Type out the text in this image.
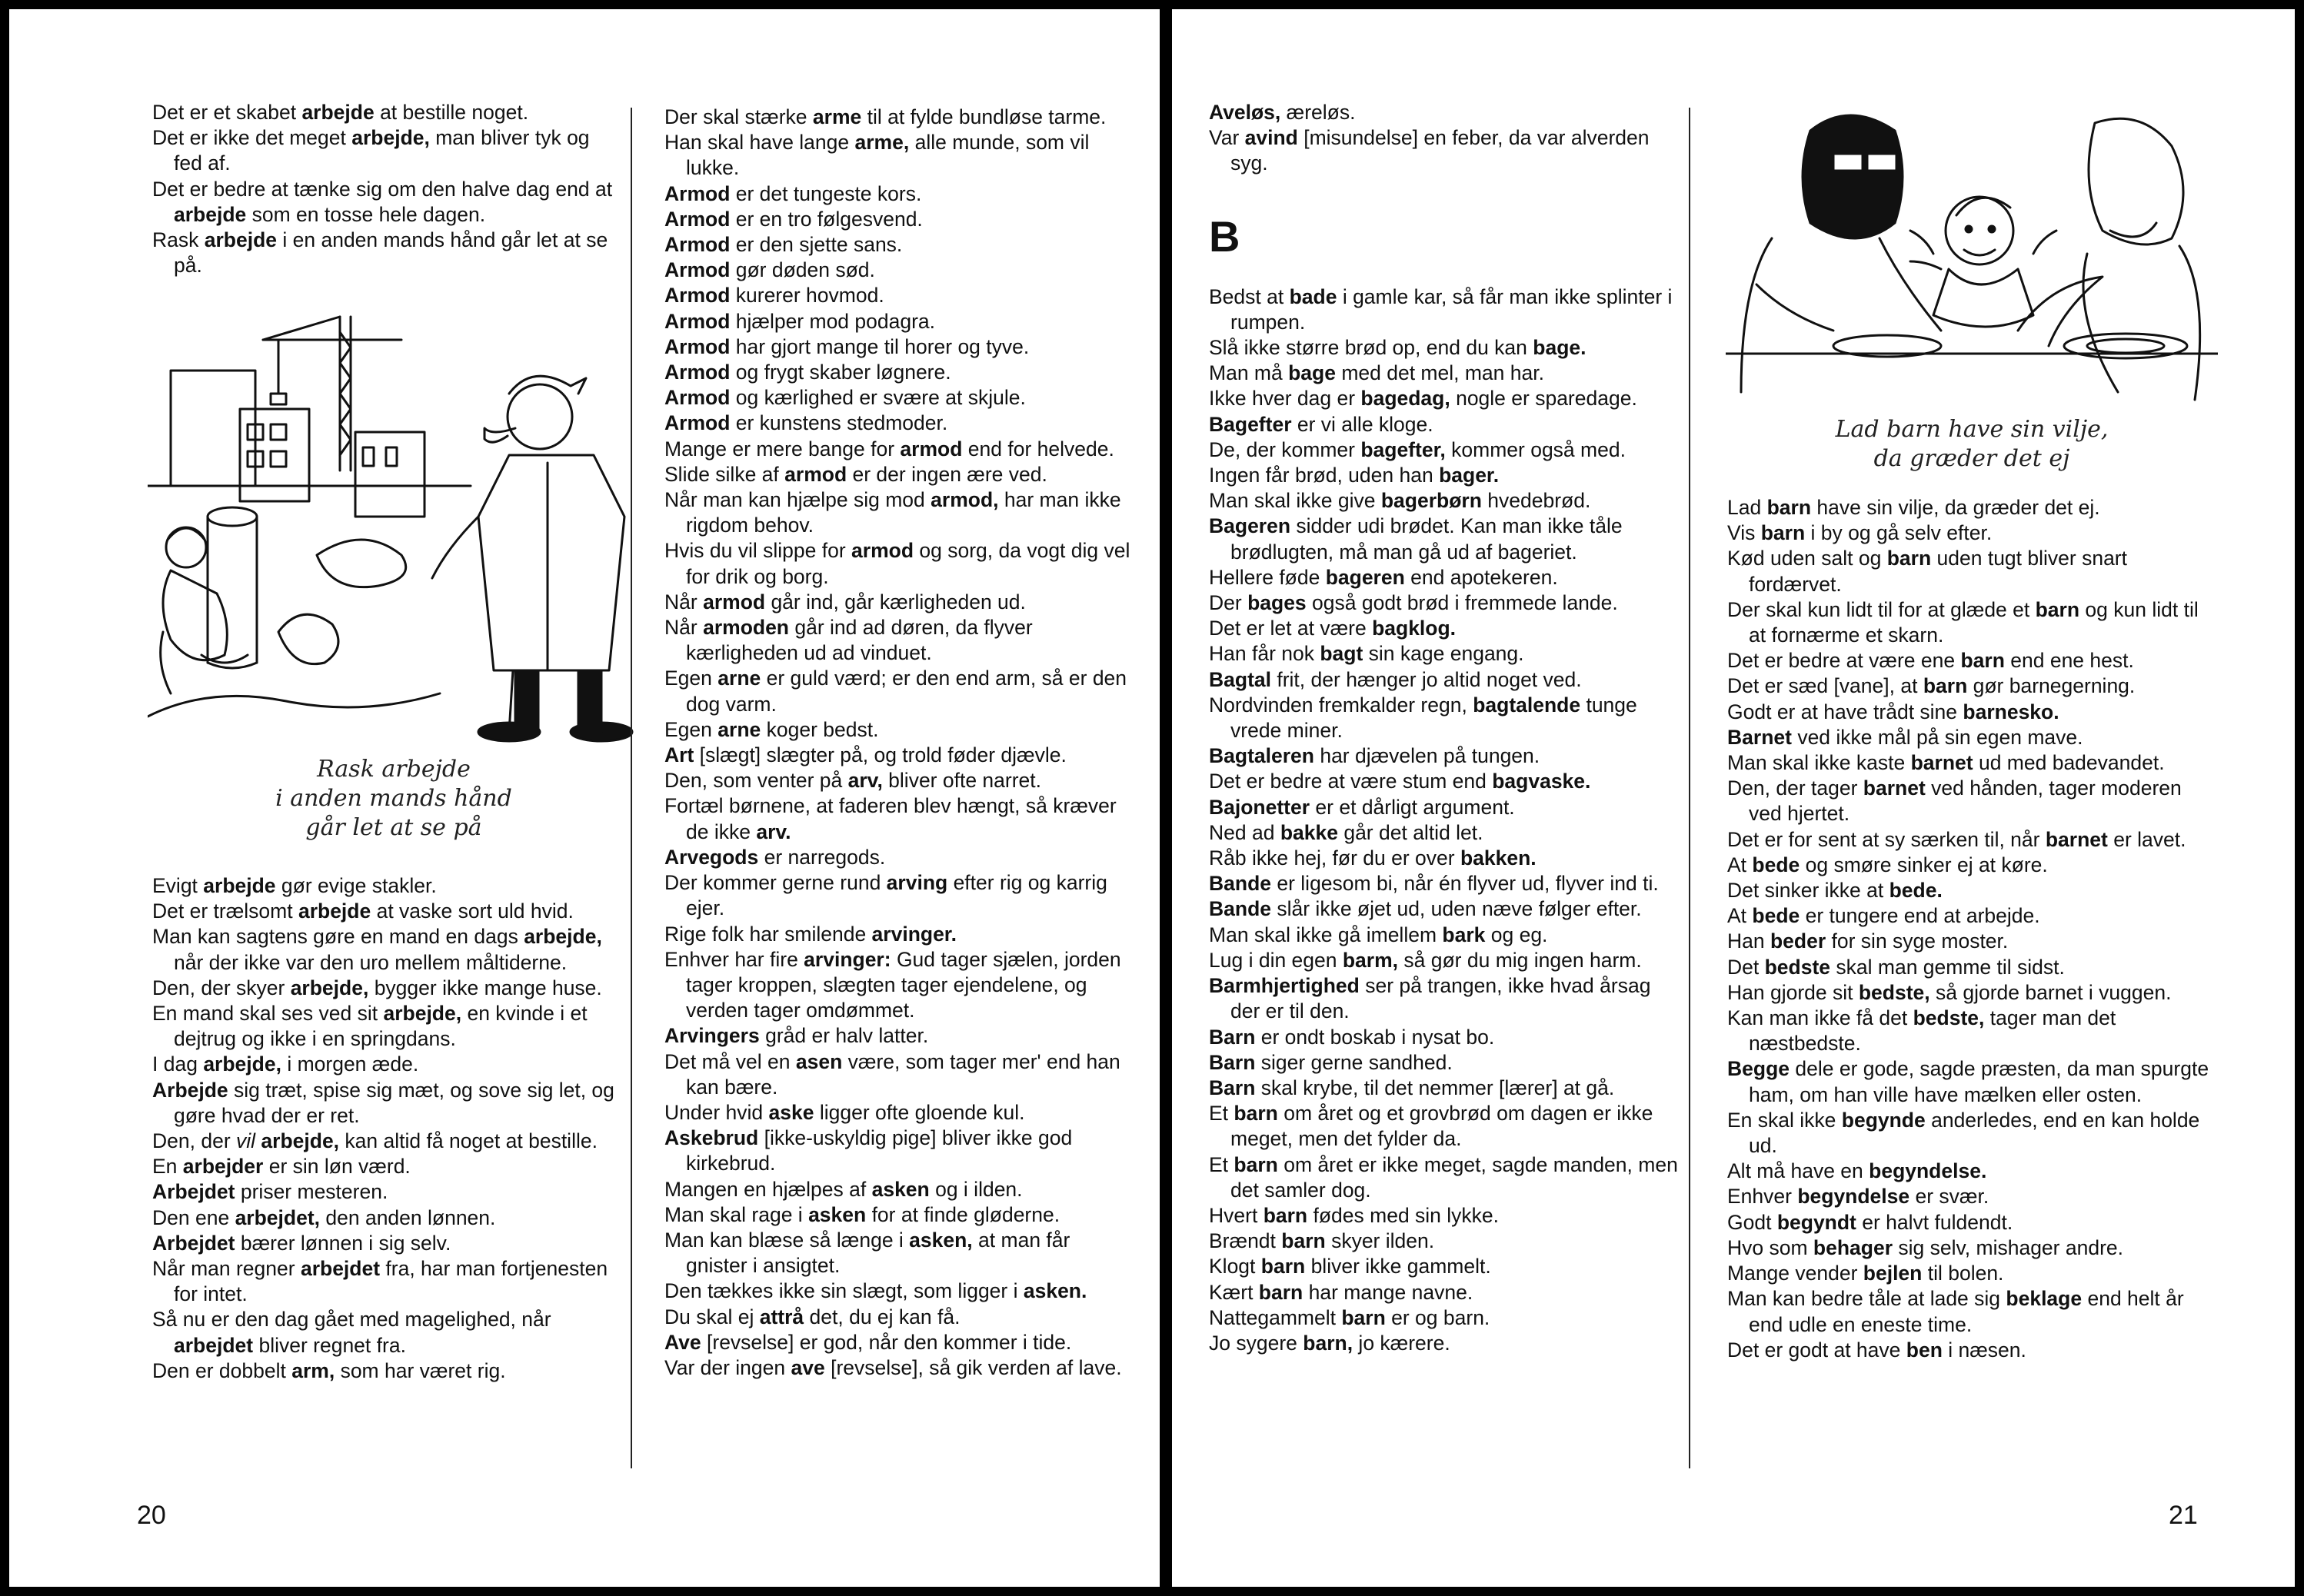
Det er et skabet arbejde at bestille noget.

Det er ikke det meget arbejde, man bliver tyk og fed af.

Det er bedre at tænke sig om den halve dag end at arbejde som en tosse hele dagen.

Rask arbejde i en anden mands hånd går let at se på.

Rask arbejde
i anden mands hånd
går let at se på

Evigt arbejde gør evige stakler.

Det er trælsomt arbejde at vaske sort uld hvid.

Man kan sagtens gøre en mand en dags arbejde, når der ikke var den uro mellem måltiderne.

Den, der skyer arbejde, bygger ikke mange huse.

En mand skal ses ved sit arbejde, en kvinde i et dejtrug og ikke i en springdans.

I dag arbejde, i morgen æde.

Arbejde sig træt, spise sig mæt, og sove sig let, og gøre hvad der er ret.

Den, der vil arbejde, kan altid få noget at bestille.

En arbejder er sin løn værd.

Arbejdet priser mesteren.

Den ene arbejdet, den anden lønnen.

Arbejdet bærer lønnen i sig selv.

Når man regner arbejdet fra, har man fortjenesten for intet.

Så nu er den dag gået med magelighed, når arbejdet bliver regnet fra.

Den er dobbelt arm, som har været rig.

Der skal stærke arme til at fylde bundløse tarme.

Han skal have lange arme, alle munde, som vil lukke.

Armod er det tungeste kors.

Armod er en tro følgesvend.

Armod er den sjette sans.

Armod gør døden sød.

Armod kurerer hovmod.

Armod hjælper mod podagra.

Armod har gjort mange til horer og tyve.

Armod og frygt skaber løgnere.

Armod og kærlighed er svære at skjule.

Armod er kunstens stedmoder.

Mange er mere bange for armod end for helvede.

Slide silke af armod er der ingen ære ved.

Når man kan hjælpe sig mod armod, har man ikke rigdom behov.

Hvis du vil slippe for armod og sorg, da vogt dig vel for drik og borg.

Når armod går ind, går kærligheden ud.

Når armoden går ind ad døren, da flyver kærligheden ud ad vinduet.

Egen arne er guld værd; er den end arm, så er den dog varm.

Egen arne koger bedst.

Art [slægt] slægter på, og trold føder djævle.

Den, som venter på arv, bliver ofte narret.

Fortæl børnene, at faderen blev hængt, så kræver de ikke arv.

Arvegods er narregods.

Der kommer gerne rund arving efter rig og karrig ejer.

Rige folk har smilende arvinger.

Enhver har fire arvinger: Gud tager sjælen, jorden tager kroppen, slægten tager ejendelene, og verden tager omdømmet.

Arvingers gråd er halv latter.

Det må vel en asen være, som tager mer' end han kan bære.

Under hvid aske ligger ofte gloende kul.

Askebrud [ikke-uskyldig pige] bliver ikke god kirkebrud.

Mangen en hjælpes af asken og i ilden.

Man skal rage i asken for at finde gløderne.

Man kan blæse så længe i asken, at man får gnister i ansigtet.

Den tækkes ikke sin slægt, som ligger i asken.

Du skal ej attrå det, du ej kan få.

Ave [revselse] er god, når den kommer i tide.

Var der ingen ave [revselse], så gik verden af lave.

20

Aveløs, æreløs.

Var avind [misundelse] en feber, da var alverden syg.

B

Bedst at bade i gamle kar, så får man ikke splinter i rumpen.

Slå ikke større brød op, end du kan bage.

Man må bage med det mel, man har.

Ikke hver dag er bagedag, nogle er sparedage.

Bagefter er vi alle kloge.

De, der kommer bagefter, kommer også med.

Ingen får brød, uden han bager.

Man skal ikke give bagerbørn hvedebrød.

Bageren sidder udi brødet. Kan man ikke tåle brødlugten, må man gå ud af bageriet.

Hellere føde bageren end apotekeren.

Der bages også godt brød i fremmede lande.

Det er let at være bagklog.

Han får nok bagt sin kage engang.

Bagtal frit, der hænger jo altid noget ved.

Nordvinden fremkalder regn, bagtalende tunge vrede miner.

Bagtaleren har djævelen på tungen.

Det er bedre at være stum end bagvaske.

Bajonetter er et dårligt argument.

Ned ad bakke går det altid let.

Råb ikke hej, før du er over bakken.

Bande er ligesom bi, når én flyver ud, flyver ind ti.

Bande slår ikke øjet ud, uden næve følger efter.

Man skal ikke gå imellem bark og eg.

Lug i din egen barm, så gør du mig ingen harm.

Barmhjertighed ser på trangen, ikke hvad årsag der er til den.

Barn er ondt boskab i nysat bo.

Barn siger gerne sandhed.

Barn skal krybe, til det nemmer [lærer] at gå.

Et barn om året og et grovbrød om dagen er ikke meget, men det fylder da.

Et barn om året er ikke meget, sagde manden, men det samler dog.

Hvert barn fødes med sin lykke.

Brændt barn skyer ilden.

Klogt barn bliver ikke gammelt.

Kært barn har mange navne.

Nattegammelt barn er og barn.

Jo sygere barn, jo kærere.

Lad barn have sin vilje,
da græder det ej

Lad barn have sin vilje, da græder det ej.

Vis barn i by og gå selv efter.

Kød uden salt og barn uden tugt bliver snart fordærvet.

Der skal kun lidt til for at glæde et barn og kun lidt til at fornærme et skarn.

Det er bedre at være ene barn end ene hest.

Det er sæd [vane], at barn gør barnegerning.

Godt er at have trådt sine barnesko.

Barnet ved ikke mål på sin egen mave.

Man skal ikke kaste barnet ud med badevandet.

Den, der tager barnet ved hånden, tager moderen ved hjertet.

Det er for sent at sy særken til, når barnet er lavet.

At bede og smøre sinker ej at køre.

Det sinker ikke at bede.

At bede er tungere end at arbejde.

Han beder for sin syge moster.

Det bedste skal man gemme til sidst.

Han gjorde sit bedste, så gjorde barnet i vuggen.

Kan man ikke få det bedste, tager man det næstbedste.

Begge dele er gode, sagde præsten, da man spurgte ham, om han ville have mælken eller osten.

En skal ikke begynde anderledes, end en kan holde ud.

Alt må have en begyndelse.

Enhver begyndelse er svær.

Godt begyndt er halvt fuldendt.

Hvo som behager sig selv, mishager andre.

Mange vender bejlen til bolen.

Man kan bedre tåle at lade sig beklage end helt år end udle en eneste time.

Det er godt at have ben i næsen.

21
